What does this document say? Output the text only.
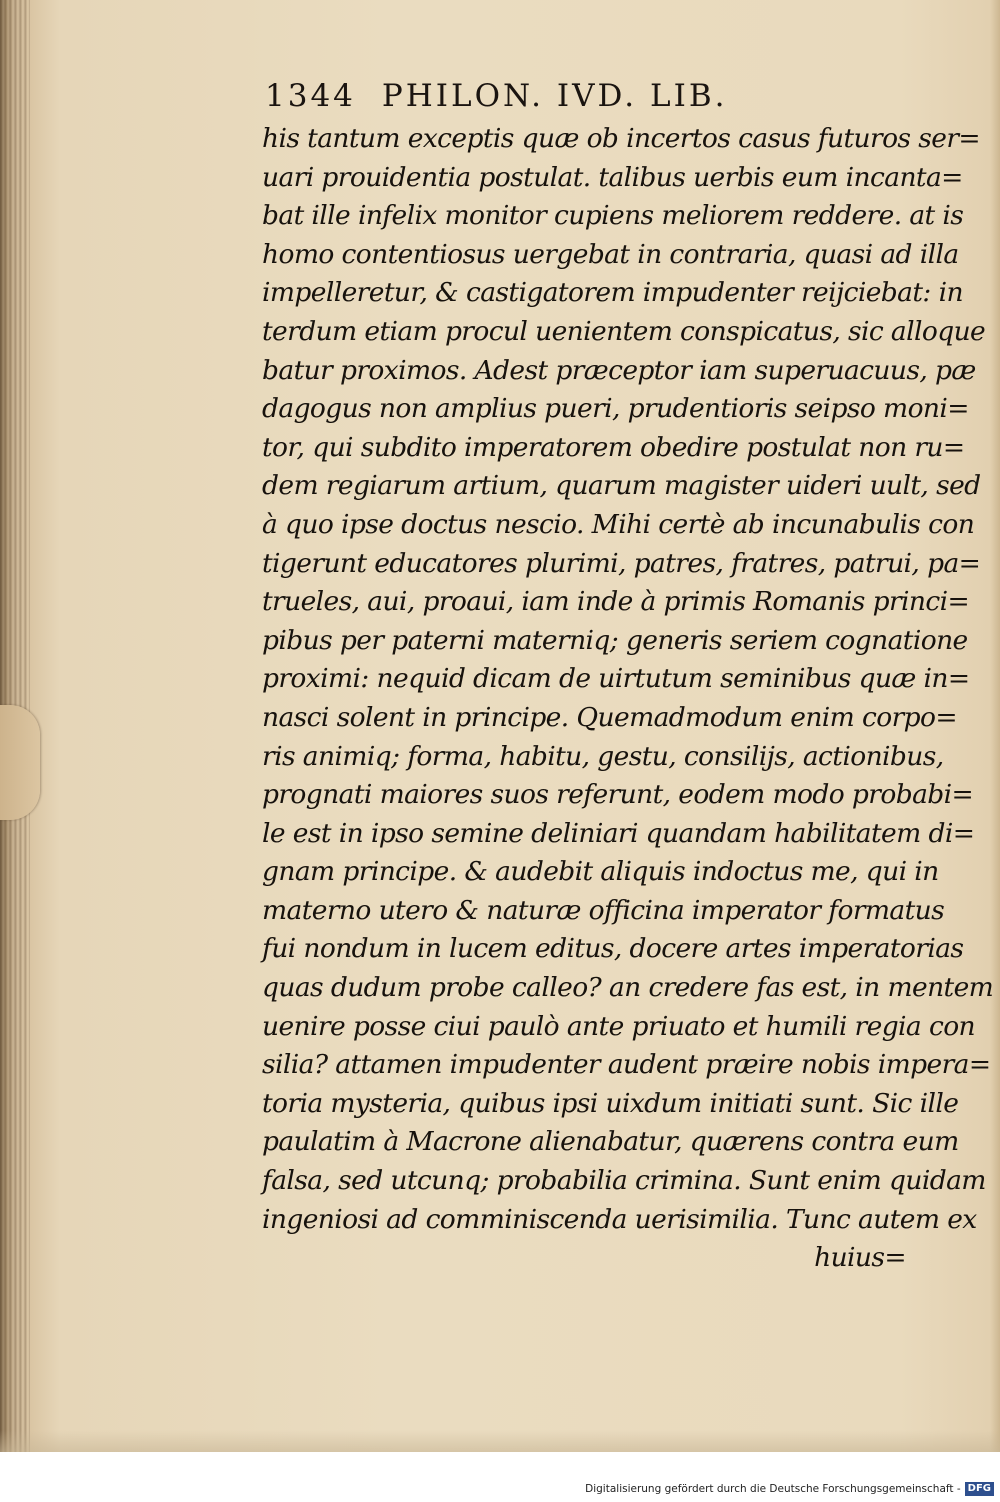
1344 PHILON. IVD. LIB.
his tantum exceptis quæ ob incertos casus futuros ser=
uari prouidentia postulat. talibus uerbis eum incanta=
bat ille infelix monitor cupiens meliorem reddere. at is
homo contentiosus uergebat in contraria, quasi ad illa
impelleretur, & castigatorem impudenter reijciebat: in
terdum etiam procul uenientem conspicatus, sic alloque
batur proximos. Adest præceptor iam superuacuus, pæ
dagogus non amplius pueri, prudentioris seipso moni=
tor, qui subdito imperatorem obedire postulat non ru=
dem regiarum artium, quarum magister uideri uult, sed
à quo ipse doctus nescio. Mihi certè ab incunabulis con
tigerunt educatores plurimi, patres, fratres, patrui, pa=
trueles, aui, proaui, iam inde à primis Romanis princi=
pibus per paterni materniq; generis seriem cognatione
proximi: nequid dicam de uirtutum seminibus quæ in=
nasci solent in principe. Quemadmodum enim corpo=
ris animiq; forma, habitu, gestu, consilijs, actionibus,
prognati maiores suos referunt, eodem modo probabi=
le est in ipso semine deliniari quandam habilitatem di=
gnam principe. & audebit aliquis indoctus me, qui in
materno utero & naturæ officina imperator formatus
fui nondum in lucem editus, docere artes imperatorias
quas dudum probe calleo? an credere fas est, in mentem
uenire posse ciui paulò ante priuato et humili regia con
silia? attamen impudenter audent præire nobis impera=
toria mysteria, quibus ipsi uixdum initiati sunt. Sic ille
paulatim à Macrone alienabatur, quærens contra eum
falsa, sed utcunq; probabilia crimina. Sunt enim quidam
ingeniosi ad comminiscenda uerisimilia. Tunc autem ex
huius=
Digitalisierung gefördert durch die Deutsche Forschungsgemeinschaft - DFG
